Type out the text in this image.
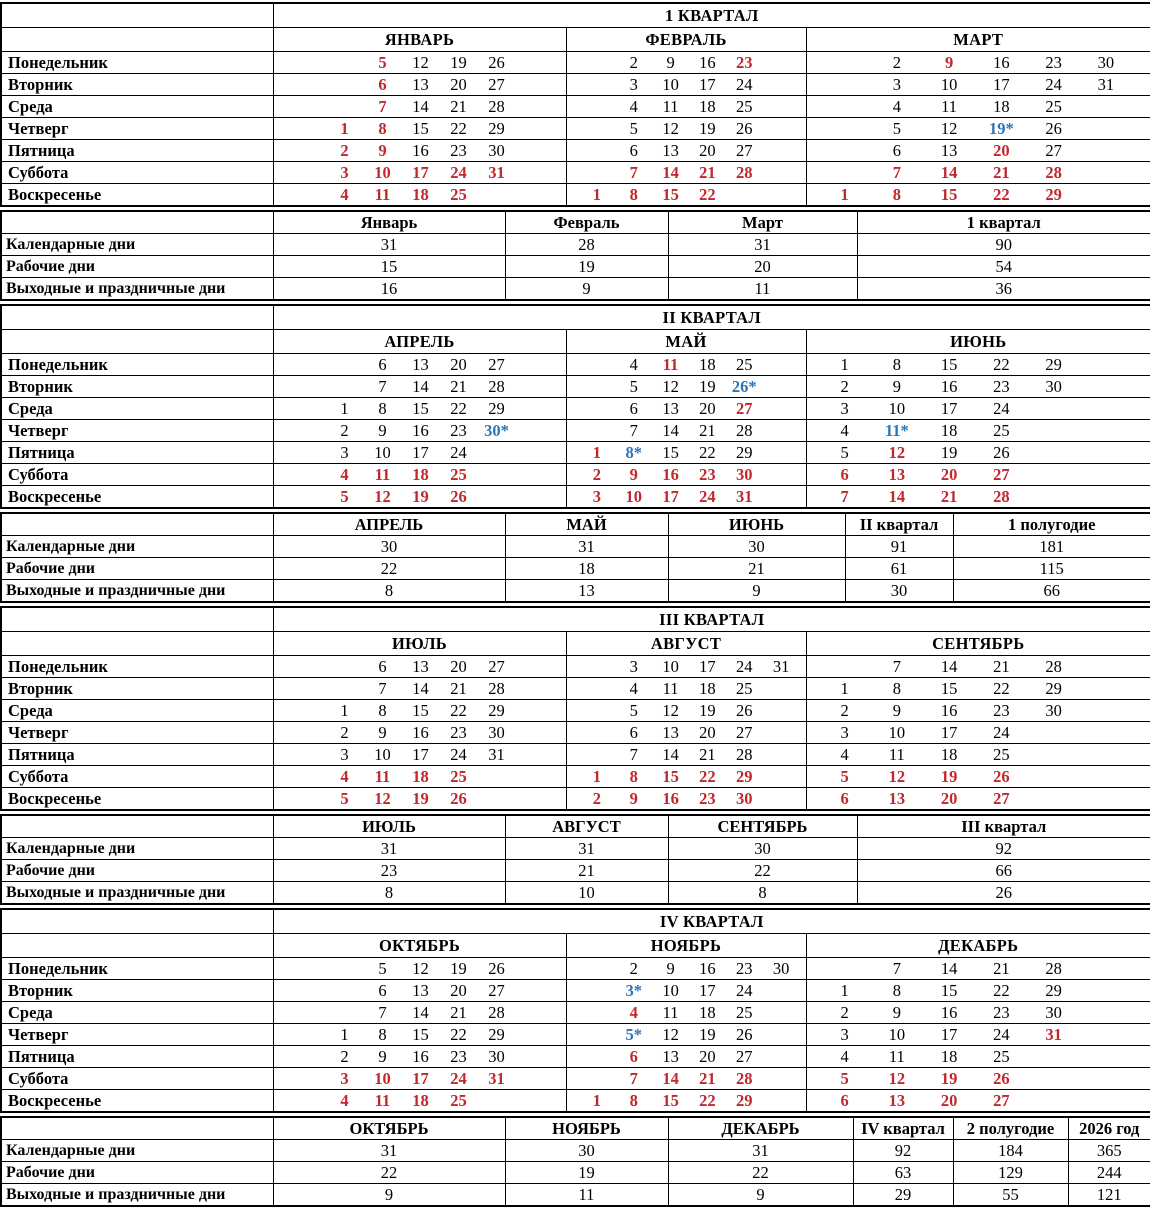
	1 КВАРТАЛ		
	ЯНВАРЬ	ФЕВРАЛЬ	МАРТ
Понедельник	5 12 19 26	2 9 16 23	2 9 16 23 30

Вторник	6 13 20 27	3 10 17 24	3 10 17 24 31

Среда	7 14 21 28	4 11 18 25	4 11 18 25

Четверг	1 8 15 22 29	5 12 19 26	5 12 19* 26

Пятница	2 9 16 23 30	6 13 20 27	6 13 20 27

Суббота	3 10 17 24 31	7 14 21 28	7 14 21 28

Воскресенье	4 11 18 25	1 8 15 22	1 8 15 22 29
	Январь	Февраль	Март	1 квартал
Календарные дни	31	28	31	90
Рабочие дни	15	19	20	54
Выходные и праздничные дни	16	9	11	36
	II КВАРТАЛ		
	АПРЕЛЬ	МАЙ	ИЮНЬ
Понедельник	6 13 20 27	4 11 18 25	1 8 15 22 29

Вторник	7 14 21 28	5 12 19 26*	2 9 16 23 30

Среда	1 8 15 22 29	6 13 20 27	3 10 17 24

Четверг	2 9 16 23 30*	7 14 21 28	4 11* 18 25

Пятница	3 10 17 24	1 8* 15 22 29	5 12 19 26

Суббота	4 11 18 25	2 9 16 23 30	6 13 20 27

Воскресенье	5 12 19 26	3 10 17 24 31	7 14 21 28
	АПРЕЛЬ	МАЙ	ИЮНЬ	II квартал	1 полугодие
Календарные дни	30	31	30	91	181
Рабочие дни	22	18	21	61	115
Выходные и праздничные дни	8	13	9	30	66
	III КВАРТАЛ		
	ИЮЛЬ	АВГУСТ	СЕНТЯБРЬ
Понедельник	6 13 20 27	3 10 17 24 31	7 14 21 28

Вторник	7 14 21 28	4 11 18 25	1 8 15 22 29

Среда	1 8 15 22 29	5 12 19 26	2 9 16 23 30

Четверг	2 9 16 23 30	6 13 20 27	3 10 17 24

Пятница	3 10 17 24 31	7 14 21 28	4 11 18 25

Суббота	4 11 18 25	1 8 15 22 29	5 12 19 26

Воскресенье	5 12 19 26	2 9 16 23 30	6 13 20 27
	ИЮЛЬ	АВГУСТ	СЕНТЯБРЬ	III квартал
Календарные дни	31	31	30	92
Рабочие дни	23	21	22	66
Выходные и праздничные дни	8	10	8	26
	IV КВАРТАЛ		
	ОКТЯБРЬ	НОЯБРЬ	ДЕКАБРЬ
Понедельник	5 12 19 26	2 9 16 23 30	7 14 21 28

Вторник	6 13 20 27	3* 10 17 24	1 8 15 22 29

Среда	7 14 21 28	4 11 18 25	2 9 16 23 30

Четверг	1 8 15 22 29	5* 12 19 26	3 10 17 24 31

Пятница	2 9 16 23 30	6 13 20 27	4 11 18 25

Суббота	3 10 17 24 31	7 14 21 28	5 12 19 26

Воскресенье	4 11 18 25	1 8 15 22 29	6 13 20 27
	ОКТЯБРЬ	НОЯБРЬ	ДЕКАБРЬ	IV квартал	2 полугодие	2026 год
Календарные дни	31	30	31	92	184	365
Рабочие дни	22	19	22	63	129	244
Выходные и праздничные дни	9	11	9	29	55	121
